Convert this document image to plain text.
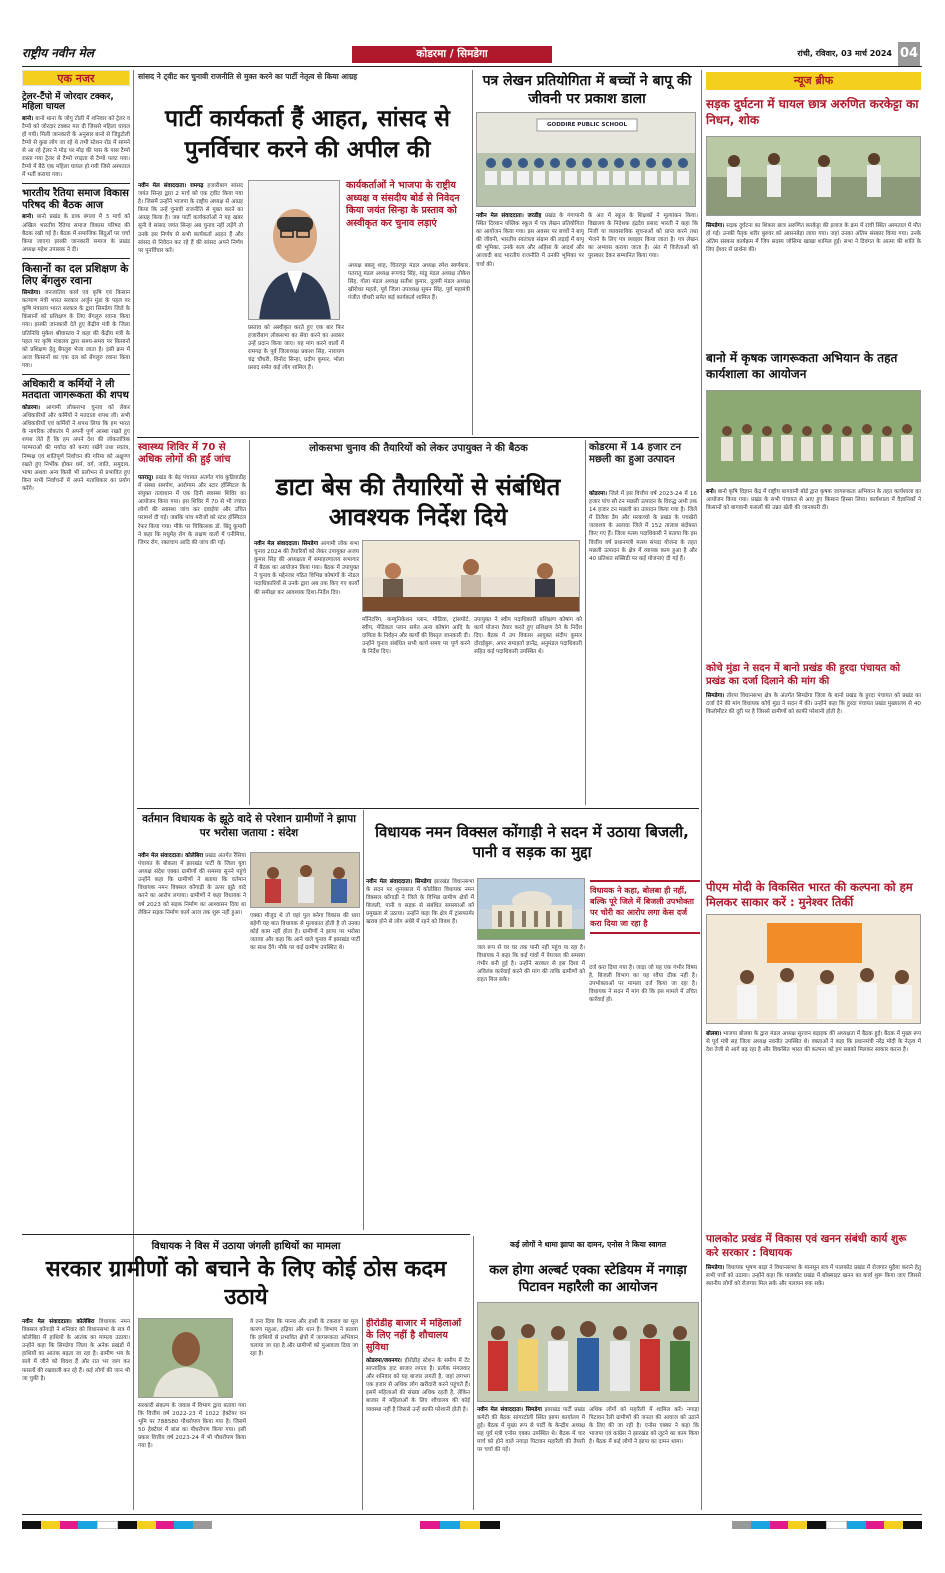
राष्ट्रीय नवीन मेल	कोडरमा / सिमडेगा	रांची, रविवार, 03 मार्च 2024 04
एक नजर
ट्रेलर-टैंपो में जोरदार टक्कर, महिला घायल
बानो। बानो थाना के जोगु टोली में शनिवार को ट्रेलर व टैम्पो को जोरदार टक्कर मार दी जिससे महिला घायल हो गयी। मिली जानकारी के अनुसार बानो से जिडुटोली टैम्पो से कुछ लोग जा रहे थे तभी स्टेशन रोड में सामने से आ रहे ट्रेलर ने मोड़ पर मोड़ की पास के पास टैम्पो रास्ता गया ट्रेलर से टैम्पो रगड़ता से टैम्पो पलट गया। टैम्पो में बैठे एक महिला घायल हो गयी जिसे अस्पताल में भर्ती कराया गया।
भारतीय रैतिया समाज विकास परिषद की बैठक आज
बानो। बानो प्रखंड के डाक बंगला में 3 मार्च को अखिल भारतीय रैतिया समाज विकास परिषद की बैठक रखी गई है। बैठक में समाजिक बिंदुओं पर चर्चा किया जाएगा इसकी जानकारी समाज के प्रखंड अध्यक्ष महेश उपासक ने दी।
किसानों का दल प्रशिक्षण के लिए बेंगलुरु रवाना
सिमडेगा। जनजातिय कार्य एवं कृषि एवं किसान कल्याण मंत्री भारत सरकार अर्जुन मुंडा के पहल पर कृषि मंत्रालय भारत सरकार के द्वारा सिमडेगा जिले के किसानों को प्रशिक्षण के लिए बेंगलुरु रवाना किया गया। इसकी जानकारी देते हुए केंद्रीय मंत्री के जिला प्रतिनिधि मुकेश श्रीवास्तव ने कहा की केंद्रीय मंत्री के पहल पर कृषि मंत्रालय द्वारा समय-समय पर किसानों को प्रशिक्षण हेतु बेंगलुरु भेजा जाता है। इसी क्रम में आज किसानों का एक दल को बेंगलुरु रवाना किया गया।
अधिकारी व कर्मियों ने ली मतदाता जागरूकता की शपथ
कोडरमा। आगामी लोकसभा चुनाव को लेकर अधिकारियों और कर्मियों ने मतदाता शपथ ली। सभी अधिकारियों एवं कर्मियों ने शपथ लिया कि हम भारत के नागरिक लोकतंत्र में अपनी पूर्ण आस्था रखते हुए शपथ लेते हैं कि हम अपने देश की लोकतांत्रिक परम्पराओं की मर्यादा को बनाए रखेंगे तथा स्वतंत्र, निष्पक्ष एवं शांतिपूर्ण निर्वाचन की गरिमा को अक्षुण्ण रखते हुए निर्भीक होकर धर्म, वर्ग, जाति, समुदाय, भाषा अथवा अन्य किसी भी प्रलोभन से प्रभावित हुए बिना सभी निर्वाचनों में अपने मताधिकार का प्रयोग करेंगे।
सांसद ने ट्वीट कर चुनावी राजनीति से मुक्त करने का पार्टी नेतृत्व से किया आग्रह
पार्टी कार्यकर्ता हैं आहत, सांसद से पुनर्विचार करने की अपील की
नवीन मेल संवाददाता। रामगढ़ हजारीबाग सांसद जयंत सिन्हा द्वारा 2 मार्च को एक ट्वीट किया गया है। जिसमें उन्होंने भाजपा के राष्ट्रीय अध्यक्ष से आग्रह किया कि उन्हें चुनावी राजनीति से मुक्त करने का आग्रह किया है। जब पार्टी कार्यकर्ताओं ने यह खबर सुनी वे सांसद जयंत सिन्हा अब चुनाव नहीं लड़ेंगे तो उनके इस निर्णय से सभी कार्यकर्ता आहत हैं और सांसद से निवेदन कर रहे हैं की सांसद अपने निर्णय पर पुनर्विचार करें।
कार्यकर्ताओं ने भाजपा के राष्ट्रीय अध्यक्ष व संसदीय बोर्ड से निवेदन किया जयंत सिन्हा के प्रस्ताव को अस्वीकृत कर चुनाव लड़ाएं
प्रस्ताव को अस्वीकृत करते हुए एक बार फिर हजारीबाग लोकसभा का सेवा करने का अवसर उन्हें प्रदान किया जाए। यह मांग करने वालों में रामगढ़ के पूर्व जिलाध्यक्ष प्रकाश सिंह, नारायण चंद्र चौधरी, विनोद सिन्हा, प्रदीप कुमार, भोला प्रसाद समेत कई लोग शामिल हैं।
अध्यक्ष बबलू शाह, चितरपुर मंडल अध्यक्ष रमेश स्वर्णकार, पतरातू मंडल अध्यक्ष रूपचंद सिंह, मांडू मंडल अध्यक्ष तोकेश सिंह, गोला मंडल अध्यक्ष सतीश कुमार, दुलमी मंडल अध्यक्ष खीरोधर महतो, पूर्व जिला उपाध्यक्ष सुमन सिंह, पूर्व महामंत्री गंजीत चौधरी समेत कई कार्यकर्ता शामिल हैं।
पत्र लेखन प्रतियोगिता में बच्चों ने बापू की जीवनी पर प्रकाश डाला
GODDIRE PUBLIC SCHOOL
नवीन मेल संवाददाता। जरडीह प्रखंड के गंगापानी स्थित दिव्यान पब्लिक स्कूल में पत्र लेखन प्रतियोगिता का आयोजन किया गया। इस अवसर पर बच्चों ने बापू की जीवनी, भारतीय स्वतंत्रता संग्राम की लड़ाई में बापू की भूमिका, उनके सत्य और अहिंसा के आदर्श और आजादी बाद भारतीय राजनीति में उनकी भूमिका पर चर्चा की।
के अंत में स्कूल के शिक्षकों ने मूल्यांकन किया। विद्यालय के निदेशक इंद्रदेव प्रसाद भारती ने कहा कि निजी या व्यावसायिक सूचनाओं को प्राप्त करने तथा भेजने के लिए पत्र व्यवहार किया जाता है। पत्र लेखन का अभ्यास कराया जाता है। अंत में विजेताओं को पुरस्कार देकर सम्मानित किया गया।
स्वास्थ्य शिविर में 70 से अधिक लोगों की हुई जांच
पतरातु। प्रखंड के बेड़ पंचायत अंतर्गत गांव कुडियाडीह में संस्था समर्पण, आरोग्यम और स्टार हॉस्पिटल के संयुक्त तत्वाधान में एक दिनी स्वास्थ्य शिविर का आयोजन किया गया। इस शिविर में 70 से भी ज्यादा लोगों की स्वास्थ्य जांच कर दवाईयां और उचित परामर्श दी गई। जबकि पांच मरीजों को स्टार हॉस्पिटल रेफर किया गया। मौके पर चिकित्सक डॉ. बिंदु कुमारी ने कहा कि मधुमेह रोग के लक्षण वालों में एनीमिया, जिगर रोग, रक्तचाप आदि की जांच की गई।
लोकसभा चुनाव की तैयारियों को लेकर उपायुक्त ने की बैठक
डाटा बेस की तैयारियों से संबंधित आवश्यक निर्देश दिये
नवीन मेल संवाददाता। सिमडेगा आगामी लोक सभा चुनाव 2024 की तैयारियों को लेकर उपायुक्त अजय कुमार सिंह की अध्यक्षता में समाहरणालय सभागार में बैठक का आयोजन किया गया। बैठक में उपायुक्त ने चुनाव के मद्देनजर गठित विभिन्न कोषांगों के नोडल पदाधिकारियों से उनके द्वारा अब तक किए गए कार्यों की समीक्षा कर आवश्यक दिशा-निर्देश दिए।
मॉनिटरिंग, कम्यूनिकेशन प्लान, मीडिया, ट्रांसपोर्ट, स्वीप, मेडिकल प्लान समेत अन्य कोषांग आदि के दायित्व के निर्वहन और कार्यों की विस्तृत जानकारी दी। उन्होंने चुनाव संबंधित सभी कार्य समय पर पूर्ण करने के निर्देश दिए।
उपायुक्त ने स्वीप पदाधिकारी प्रशिक्षण कोषांग को कार्य योजना तैयार करते हुए प्रशिक्षण देने के निर्देश दिए। बैठक में उप विकास आयुक्त संदीप कुमार दोराईबुरू, अपर समाहर्ता ज्ञानेंद्र, अनुमंडल पदाधिकारी सहित कई पदाधिकारी उपस्थित थे।
कोडरमा में 14 हजार टन मछली का हुआ उत्पादन
कोडरमा। जिले में इस वित्तीय वर्ष 2023-24 में 16 हजार पांच सौ टन मछली उत्पादन के विरुद्ध अभी तक 14 हजार टन मछली का उत्पादन किया गया है। जिले में तिलैया डैम और मरकच्चो के प्रखंड के पचखेरो जलाशय के अलावा जिले में 152 तालाब बंदोबस्त किए गए हैं। जिला मत्स्य पदाधिकारी ने बताया कि इस वित्तीय वर्ष प्रधानमंत्री मत्स्य संपदा योजना के तहत मछली उत्पादन के क्षेत्र में व्यापक काम हुआ है और 40 प्रतिशत सब्सिडी पर कई योजनाएं दी गई हैं।
वर्तमान विधायक के झूठे वादे से परेशान ग्रामीणों ने झापा पर भरोसा जताया : संदेश
नवीन मेल संवाददाता। कोलेबिरा प्रखंड अंतर्गत रैंसिया पंचायत के बोकला में झारखंड पार्टी के जिला युवा अध्यक्ष संदेश एक्का ग्रामीणों की समस्या सुनने पहुंचे उन्होंने कहा कि ग्रामीणों ने बताया कि वर्तमान विधायक नमन विक्सल कोंगाड़ी के ऊपर झूठे वादे करने का आरोप लगाया। ग्रामीणों ने कहा विधायक ने वर्ष 2023 को सड़क निर्माण का आश्वासन दिया था लेकिन सड़क निर्माण कार्य आज तक शुरू नहीं हुआ।
एक्का मौजूद थे तो वहां पुल बनेगा विकास की धारा बहेगी यह बात विधायक से मुलाकात होती है तो उनका कोई काम नहीं होता है। ग्रामीणों ने झापा पर भरोसा जताया और कहा कि आने वाले चुनाव में झारखंड पार्टी का साथ देंगे। मौके पर कई ग्रामीण उपस्थित थे।
विधायक नमन विक्सल कोंगाड़ी ने सदन में उठाया बिजली, पानी व सड़क का मुद्दा
नवीन मेल संवाददाता। सिमडेगा झारखंड विधानसभा के सदन पर शून्यकाल में कोलेबिरा विधायक नमन विक्सल कोंगाड़ी ने जिले के विभिन्न ग्रामीण क्षेत्रों में बिजली, पानी व सड़क से संबंधित समस्याओं को प्रमुखता से उठाया। उन्होंने कहा कि क्षेत्र में ट्रांसफार्मर खराब होने से लोग अंधेरे में रहने को विवश हैं।
विधायक ने कहा, बोलबा ही नहीं, बल्कि पूरे जिले में बिजली उपभोक्ता पर चोरी का आरोप लगा केस दर्ज करा दिया जा रहा है
जल रूप से घर घर तक पानी नहीं पहुंच पा रहा है। विधायक ने कहा कि कई गांवों में पेयजल की समस्या गंभीर बनी हुई है। उन्होंने सरकार से इस दिशा में अविलंब कार्रवाई करने की मांग की ताकि ग्रामीणों को राहत मिल सके।
दर्ज करा दिया गया है। जाड़ा जो यह एक गंभीर विषय है, बिजली विभाग का यह रवैया ठीक नहीं है। उपभोक्ताओं पर मामला दर्ज किया जा रहा है। विधायक ने सदन में मांग की कि इस मामले में उचित कार्रवाई हो।
विधायक ने विस में उठाया जंगली हाथियों का मामला
सरकार ग्रामीणों को बचाने के लिए कोई ठोस कदम उठाये
नवीन मेल संवाददाता। कोलेबिरा विधायक नमन विक्सल कोंगाड़ी ने शनिवार को विधानसभा के सत्र में कोलेबिरा में हाथियों के आतंक का मामला उठाया। उन्होंने कहा कि सिमडेगा जिला के अनेक प्रखंडों में हाथियों का आतंक बढ़ता जा रहा है। ग्रामीण भय के साये में जीने को विवश हैं और रात भर जाग कर फसलों की रखवाली कर रहे हैं। कई लोगों की जान भी जा चुकी है।
सरकारी संकल्प के जवाब में विभाग द्वारा बताया गया कि वित्तीय वर्ष 2022-23 में 1022 हेक्टेयर वन भूमि पर 788580 पौधरोपण किया गया है। जिसमें 50 हेक्टेयर में बांस का पौधरोपण किया गया। इसी प्रकार वित्तीय वर्ष 2023-24 में भी पौधरोपण किया गया है।
ये तना दिया कि मानव और हाथी के टकराव का मूल कारण महुआ, हड़िया और धान है। विभाग ने बताया कि हाथियों से प्रभावित क्षेत्रों में जागरूकता अभियान चलाया जा रहा है और ग्रामीणों को मुआवजा दिया जा रहा है।
हीरोडीह बाजार में महिलाओं के लिए नहीं है शौचालय सुविधा
कोडरमा/जयनगर। हीरोडीह स्टेशन के समीप में टेंट साप्ताहिक हाट बाजार लगता है। प्रत्येक मंगलवार और शनिवार को यह बाजार लगती है, जहां लगभग एक हजार से अधिक लोग खरीदारी करने पहुंचते हैं। इसमें महिलाओं की संख्या अधिक रहती है, लेकिन बाजार में महिलाओं के लिए शौचालय की कोई व्यवस्था नहीं है जिससे उन्हें काफी परेशानी होती है।
कई लोगों ने थामा झापा का दामन, एनोस ने किया स्वागत
कल होगा अल्बर्ट एक्का स्टेडियम में नगाड़ा पिटावन महारैली का आयोजन
नवीन मेल संवाददाता। सिमडेगा झारखंड पार्टी प्रखंड कमेटी की बैठक सांगरटोली स्थित झापा कार्यालय में हुई। बैठक में मुख्य रूप से पार्टी के केन्द्रीय अध्यक्ष सह पूर्व मंत्री एनोस एक्का उपस्थित थे। बैठक में चार मार्च को होने वाले नगाड़ा पिटावन महारैली की तैयारी पर चर्चा की गई।
अधिक लोगों को महारैली में शामिल करें। नगाड़ा पिटावन रैली ग्रामीणों की जनता की आवाज को उठाने के लिए की जा रही है। एनोस एक्का ने कहा कि भाजपा एवं कांग्रेस ने झारखंड को लूटने का काम किया है। बैठक में कई लोगों ने झापा का दामन थामा।
न्यूज ब्रीफ
सड़क दुर्घटना में घायल छात्र अरुणित करकेट्टा का निधन, शोक
सिमडेगा। सड़क दुर्घटना का शिकार छात्र अरुणित करकेट्टा की इलाज के क्रम में रांची स्थित अस्पताल में मौत हो गई। उनकी पैतृक शरीर बुरुवर को आसनबेड़ा लाया गया। जहां उनका अंतिम संस्कार किया गया। उनके अंतिम संस्कार कार्यक्रम में जिप सदस्य जोसिमा खाखा शामिल हुई। सभा ने दिवंगत के आत्मा की शांति के लिए ईश्वर से प्रार्थना की।
बानो में कृषक जागरूकता अभियान के तहत कार्यशाला का आयोजन
बनो। बानो कृषि विज्ञान केंद्र में राष्ट्रीय बागवानी बोर्ड द्वारा कृषक जागरूकता अभियान के तहत कार्यशाला का आयोजन किया गया। प्रखंड के सभी पंचायत से आए हुए किसान हिस्सा लिया। कार्यशाला में वैज्ञानिकों ने किसानों को बागवानी फसलों की उन्नत खेती की जानकारी दी।
कोचे मुंडा ने सदन में बानो प्रखंड की हुरदा पंचायत को प्रखंड का दर्जा दिलाने की मांग की
सिमडेगा। तोरपा विधानसभा क्षेत्र के अंतर्गत सिमडेगा जिला के बानो प्रखंड के हुरदा पंचायत को प्रखंड का दर्जा देने की मांग विधायक कोचे मुंडा ने सदन में की। उन्होंने कहा कि हुरदा पंचायत प्रखंड मुख्यालय से 40 किलोमीटर की दूरी पर है जिससे ग्रामीणों को काफी परेशानी होती है।
पीएम मोदी के विकसित भारत की कल्पना को हम मिलकर साकार करें : मुनेश्वर तिर्की
बोलबा। भाजपा बोलबा के द्वारा मंडल अध्यक्ष सुरजन बड़ाइक की अध्यक्षता में बैठक हुई। बैठक में मुख्य रूप से पूर्व मंत्री सह जिला अध्यक्ष नवनीत उपस्थित थे। वक्ताओं ने कहा कि प्रधानमंत्री नरेंद्र मोदी के नेतृत्व में देश तेजी से आगे बढ़ रहा है और विकसित भारत की कल्पना को हम सबको मिलकर साकार करना है।
पालकोट प्रखंड में विकास एवं खनन संबंधी कार्य शुरू करे सरकार : विधायक
सिमडेगा। विधायक भूषण बाड़ा ने विधानसभा के मानसून सत्र में पालकोट प्रखंड में रोजगार मुहैया कराने हेतु सभी पर्चों को उठाया। उन्होंने कहा कि पालकोट प्रखंड में बॉक्साइट खनन का कार्य शुरू किया जाए जिससे स्थानीय लोगों को रोजगार मिल सके और पलायन रुक सके।
